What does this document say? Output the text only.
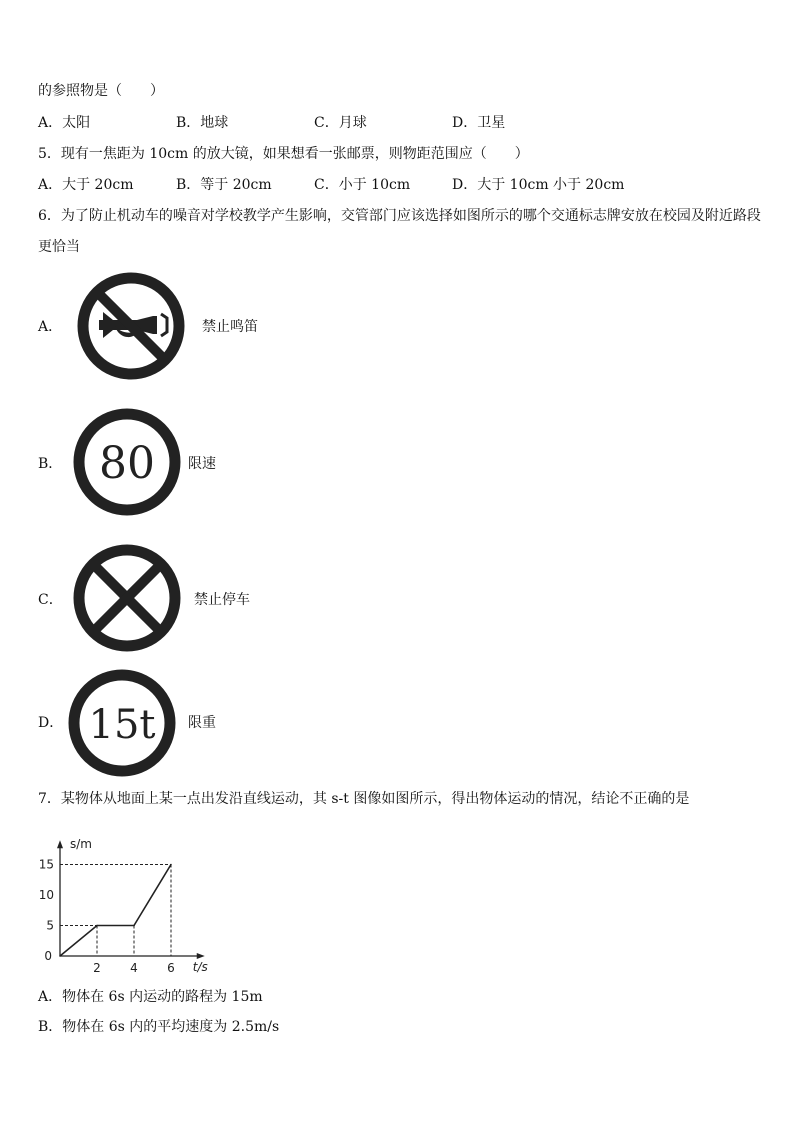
的参照物是（　　）
A．太阳	B．地球	C．月球	D．卫星
5．现有一焦距为 10cm 的放大镜，如果想看一张邮票，则物距范围应（　　）
A．大于 20cm	B．等于 20cm	C．小于 10cm	D．大于 10cm 小于 20cm
6．为了防止机动车的噪音对学校教学产生影响，交管部门应该选择如图所示的哪个交通标志牌安放在校园及附近路段
更恰当
A．	禁止鸣笛
B． 80 限速
C．	禁止停车
D． 15t 限重
7．某物体从地面上某一点出发沿直线运动，其 s-t 图像如图所示，得出物体运动的情况，结论不正确的是
s/m
t/s
0
2 4 6
5
10
15
A．物体在 6s 内运动的路程为 15m
B．物体在 6s 内的平均速度为 2.5m/s
